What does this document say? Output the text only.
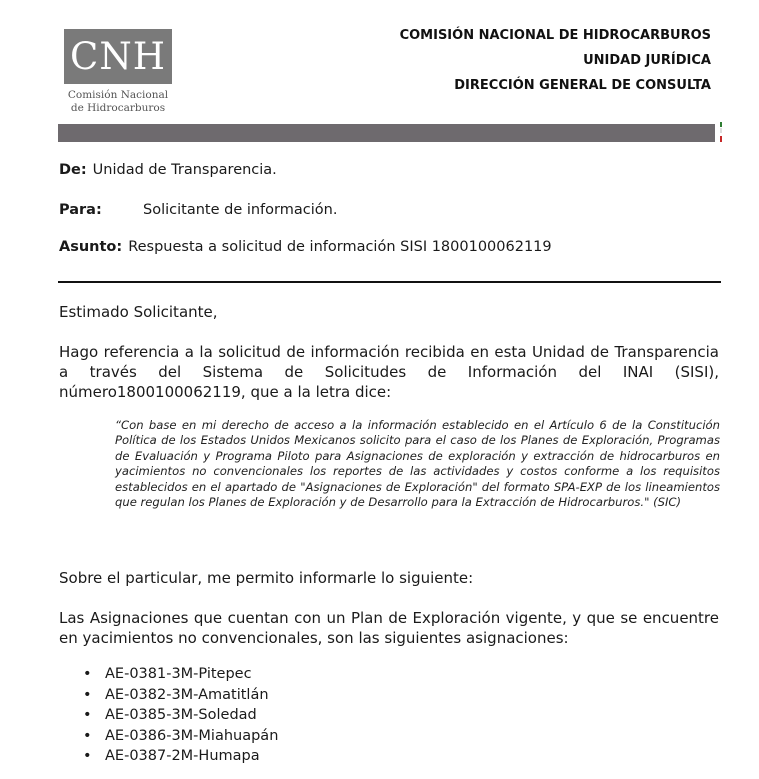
CNH
Comisión Nacional
de Hidrocarburos
COMISIÓN NACIONAL DE HIDROCARBUROS
UNIDAD JURÍDICA
DIRECCIÓN GENERAL DE CONSULTA
De: Unidad de Transparencia.
Para:	Solicitante de información.
Asunto: Respuesta a solicitud de información SISI 1800100062119
Estimado Solicitante,
Hago referencia a la solicitud de información recibida en esta Unidad de Transparencia a través del Sistema de Solicitudes de Información del INAI (SISI), número1800100062119, que a la letra dice:
“Con base en mi derecho de acceso a la información establecido en el Artículo 6 de la Constitución Política de los Estados Unidos Mexicanos solicito para el caso de los Planes de Exploración, Programas de Evaluación y Programa Piloto para Asignaciones de exploración y extracción de hidrocarburos en yacimientos no convencionales los reportes de las actividades y costos conforme a los requisitos establecidos en el apartado de "Asignaciones de Exploración" del formato SPA-EXP de los lineamientos que regulan los Planes de Exploración y de Desarrollo para la Extracción de Hidrocarburos." (SIC)
Sobre el particular, me permito informarle lo siguiente:
Las Asignaciones que cuentan con un Plan de Exploración vigente, y que se encuentre en yacimientos no convencionales, son las siguientes asignaciones:
• AE-0381-3M-Pitepec
• AE-0382-3M-Amatitlán
• AE-0385-3M-Soledad
• AE-0386-3M-Miahuapán
• AE-0387-2M-Humapa
